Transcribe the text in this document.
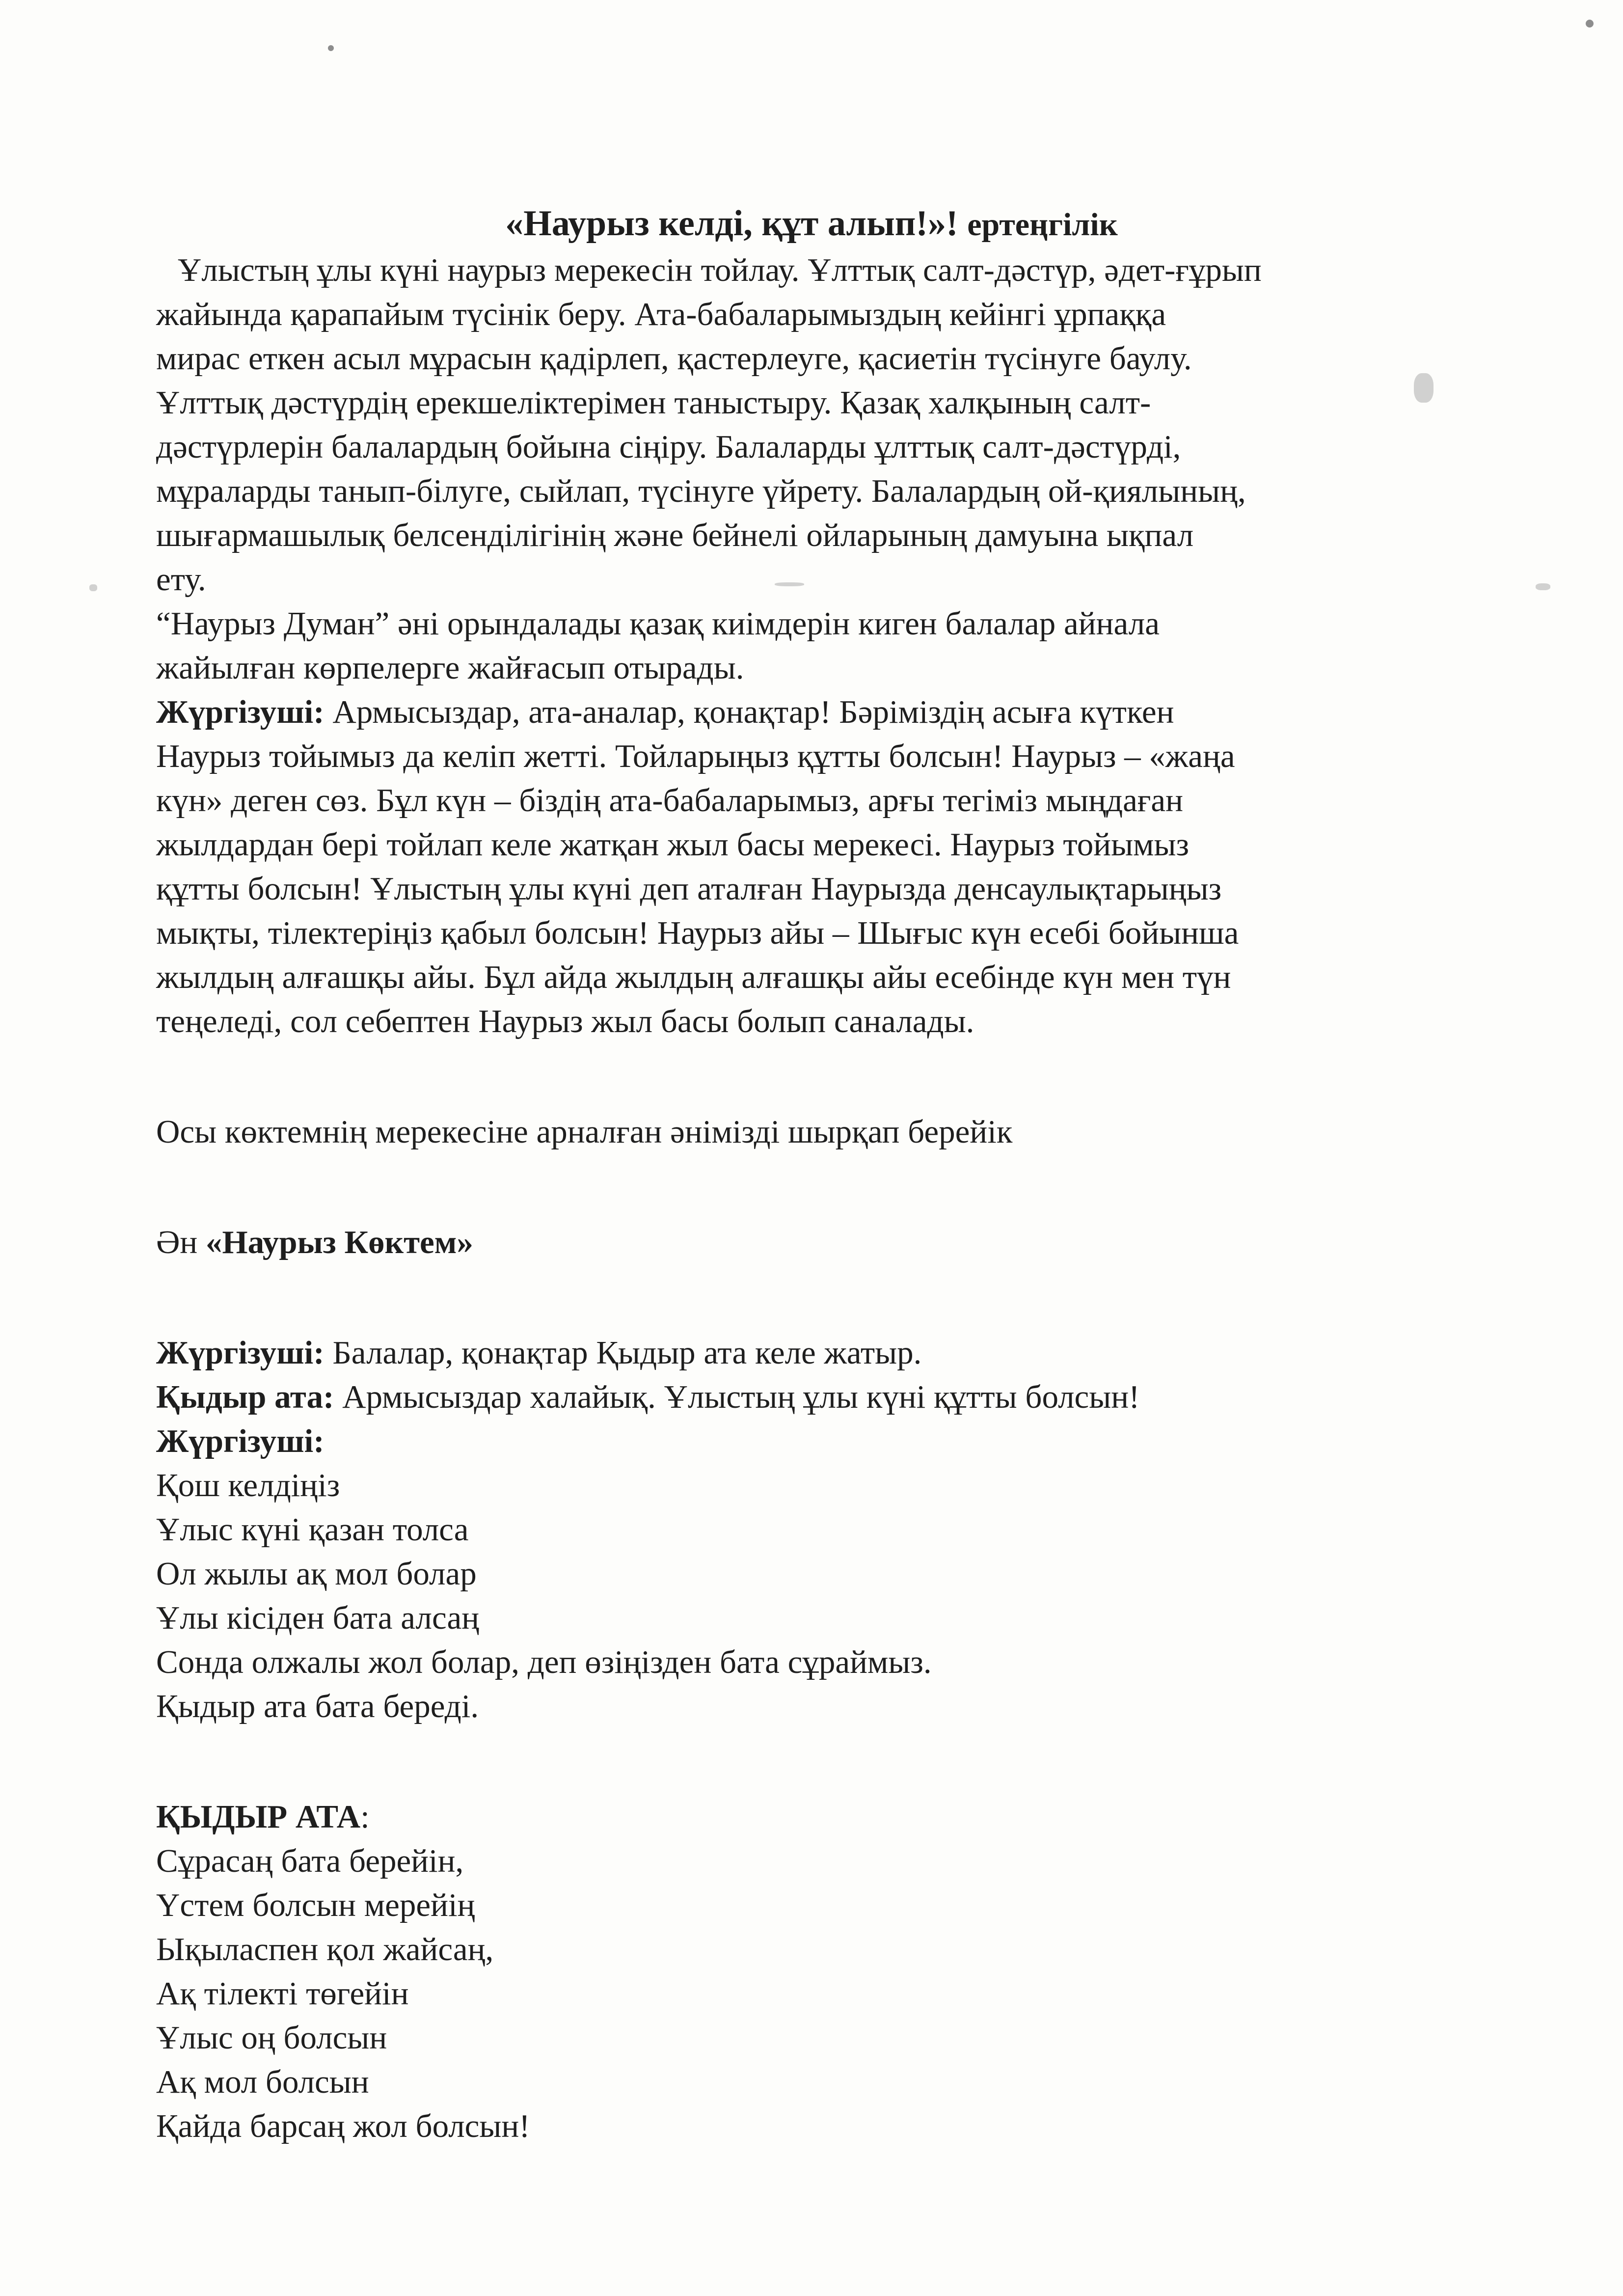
«Наурыз келді, құт алып!»! ертеңгілік
Ұлыстың ұлы күні наурыз мерекесін тойлау. Ұлттық салт-дәстүр, әдет-ғұрып
жайында қарапайым түсінік беру. Ата-бабаларымыздың кейінгі ұрпаққа
мирас еткен асыл мұрасын қадірлеп, қастерлеуге, қасиетін түсінуге баулу.
Ұлттық дәстүрдің ерекшеліктерімен таныстыру. Қазақ халқының салт-
дәстүрлерін балалардың бойына сіңіру. Балаларды ұлттық салт-дәстүрді,
мұраларды танып-білуге, сыйлап, түсінуге үйрету. Балалардың ой-қиялының,
шығармашылық белсенділігінің және бейнелі ойларының дамуына ықпал
ету.
“Наурыз Думан” әні орындалады қазақ киімдерін киген балалар айнала
жайылған көрпелерге жайғасып отырады.
Жүргізуші: Армысыздар, ата-аналар, қонақтар! Бәріміздің асыға күткен
Наурыз тойымыз да келіп жетті. Тойларыңыз құтты болсын! Наурыз – «жаңа
күн» деген сөз. Бұл күн – біздің ата-бабаларымыз, арғы тегіміз мыңдаған
жылдардан бері тойлап келе жатқан жыл басы мерекесі. Наурыз тойымыз
құтты болсын! Ұлыстың ұлы күні деп аталған Наурызда денсаулықтарыңыз
мықты, тілектеріңіз қабыл болсын! Наурыз айы – Шығыс күн есебі бойынша
жылдың алғашқы айы. Бұл айда жылдың алғашқы айы есебінде күн мен түн
теңеледі, сол себептен Наурыз жыл басы болып саналады.
Осы көктемнің мерекесіне арналған әнімізді шырқап берейік
Ән «Наурыз Көктем»
Жүргізуші: Балалар, қонақтар Қыдыр ата келе жатыр.
Қыдыр ата: Армысыздар халайық. Ұлыстың ұлы күні құтты болсын!
Жүргізуші:
Қош келдіңіз
Ұлыс күні қазан толса
Ол жылы ақ мол болар
Ұлы кісіден бата алсаң
Сонда олжалы жол болар, деп өзіңізден бата сұраймыз.
Қыдыр ата бата береді.
ҚЫДЫР АТА:
Сұрасаң бата берейін,
Үстем болсын мерейің
Ықыласпен қол жайсаң,
Ақ тілекті төгейін
Ұлыс оң болсын
Ақ мол болсын
Қайда барсаң жол болсын!
